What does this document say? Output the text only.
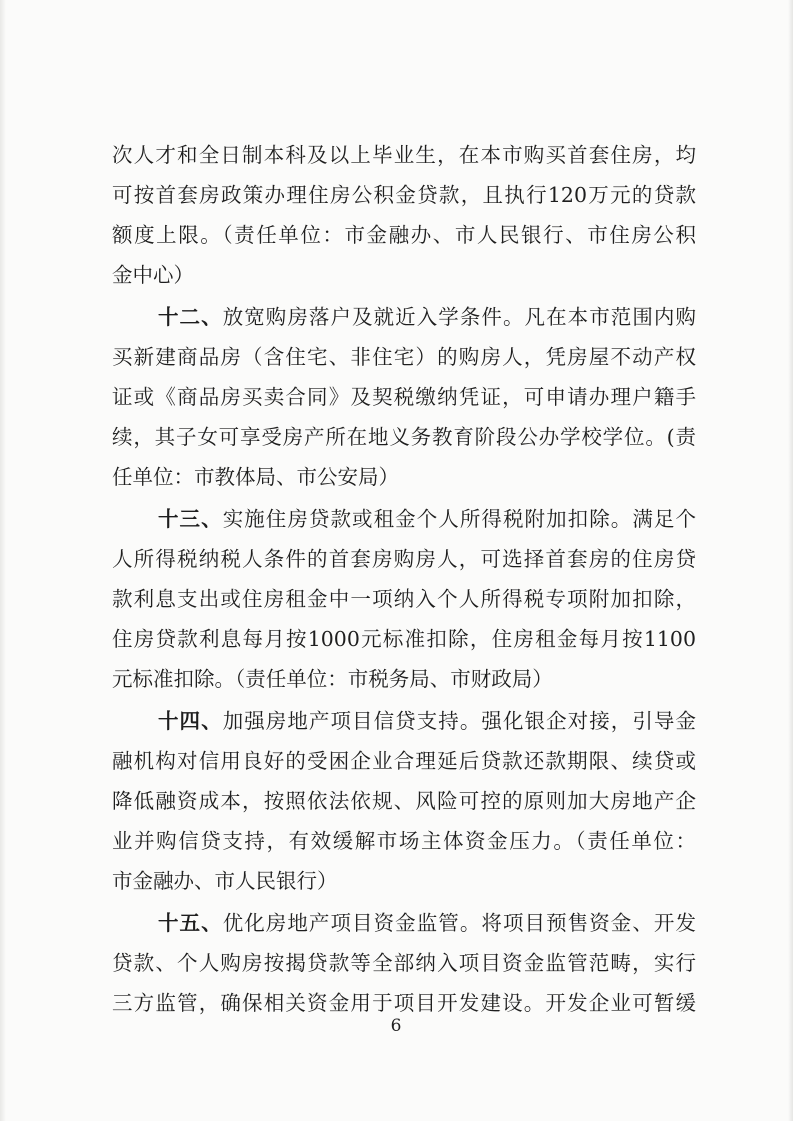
次人才和全日制本科及以上毕业生，在本市购买首套住房，均
可按首套房政策办理住房公积金贷款，且执行120万元的贷款
额度上限。（责任单位：市金融办、市人民银行、市住房公积
金中心）
十二、放宽购房落户及就近入学条件。凡在本市范围内购
买新建商品房（含住宅、非住宅）的购房人，凭房屋不动产权
证或《商品房买卖合同》及契税缴纳凭证，可申请办理户籍手
续，其子女可享受房产所在地义务教育阶段公办学校学位。(责
任单位：市教体局、市公安局）
十三、实施住房贷款或租金个人所得税附加扣除。满足个
人所得税纳税人条件的首套房购房人，可选择首套房的住房贷
款利息支出或住房租金中一项纳入个人所得税专项附加扣除，
住房贷款利息每月按1000元标准扣除，住房租金每月按1100
元标准扣除。（责任单位：市税务局、市财政局）
十四、加强房地产项目信贷支持。强化银企对接，引导金
融机构对信用良好的受困企业合理延后贷款还款期限、续贷或
降低融资成本，按照依法依规、风险可控的原则加大房地产企
业并购信贷支持，有效缓解市场主体资金压力。（责任单位：
市金融办、市人民银行）
十五、优化房地产项目资金监管。将项目预售资金、开发
贷款、个人购房按揭贷款等全部纳入项目资金监管范畴，实行
三方监管，确保相关资金用于项目开发建设。开发企业可暂缓
6
